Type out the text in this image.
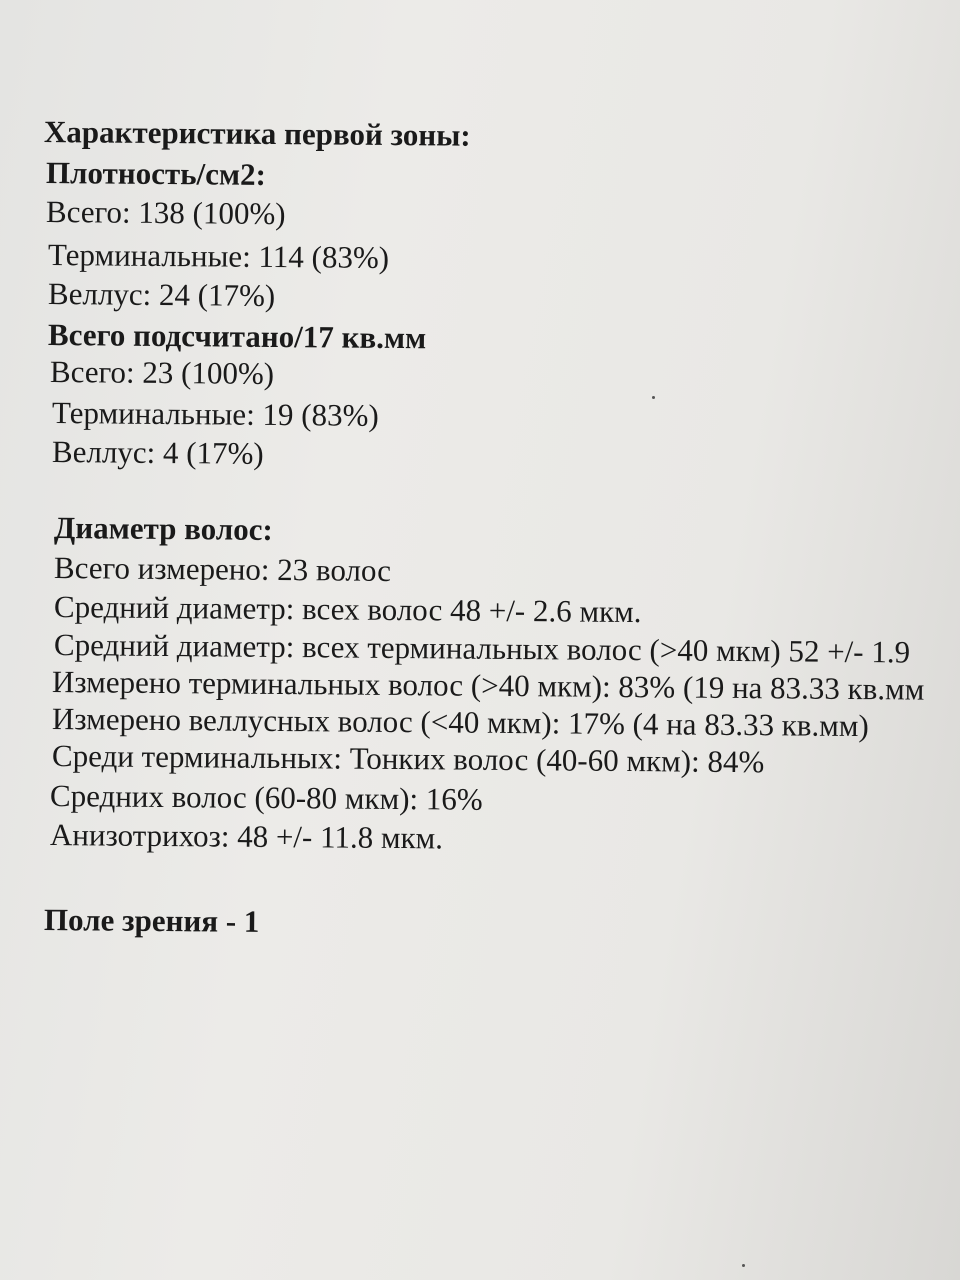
Характеристика первой зоны:
Плотность/см2:
Всего: 138 (100%)
Терминальные: 114 (83%)
Веллус: 24 (17%)
Всего подсчитано/17 кв.мм
Всего: 23 (100%)
Терминальные: 19 (83%)
Веллус: 4 (17%)
Диаметр волос:
Всего измерено: 23 волос
Средний диаметр: всех волос 48 +/- 2.6 мкм.
Средний диаметр: всех терминальных волос (>40 мкм) 52 +/- 1.9
Измерено терминальных волос (>40 мкм): 83% (19 на 83.33 кв.мм
Измерено веллусных волос (<40 мкм): 17% (4 на 83.33 кв.мм)
Среди терминальных: Тонких волос (40-60 мкм): 84%
Средних волос (60-80 мкм): 16%
Анизотрихоз: 48 +/- 11.8 мкм.
Поле зрения - 1
